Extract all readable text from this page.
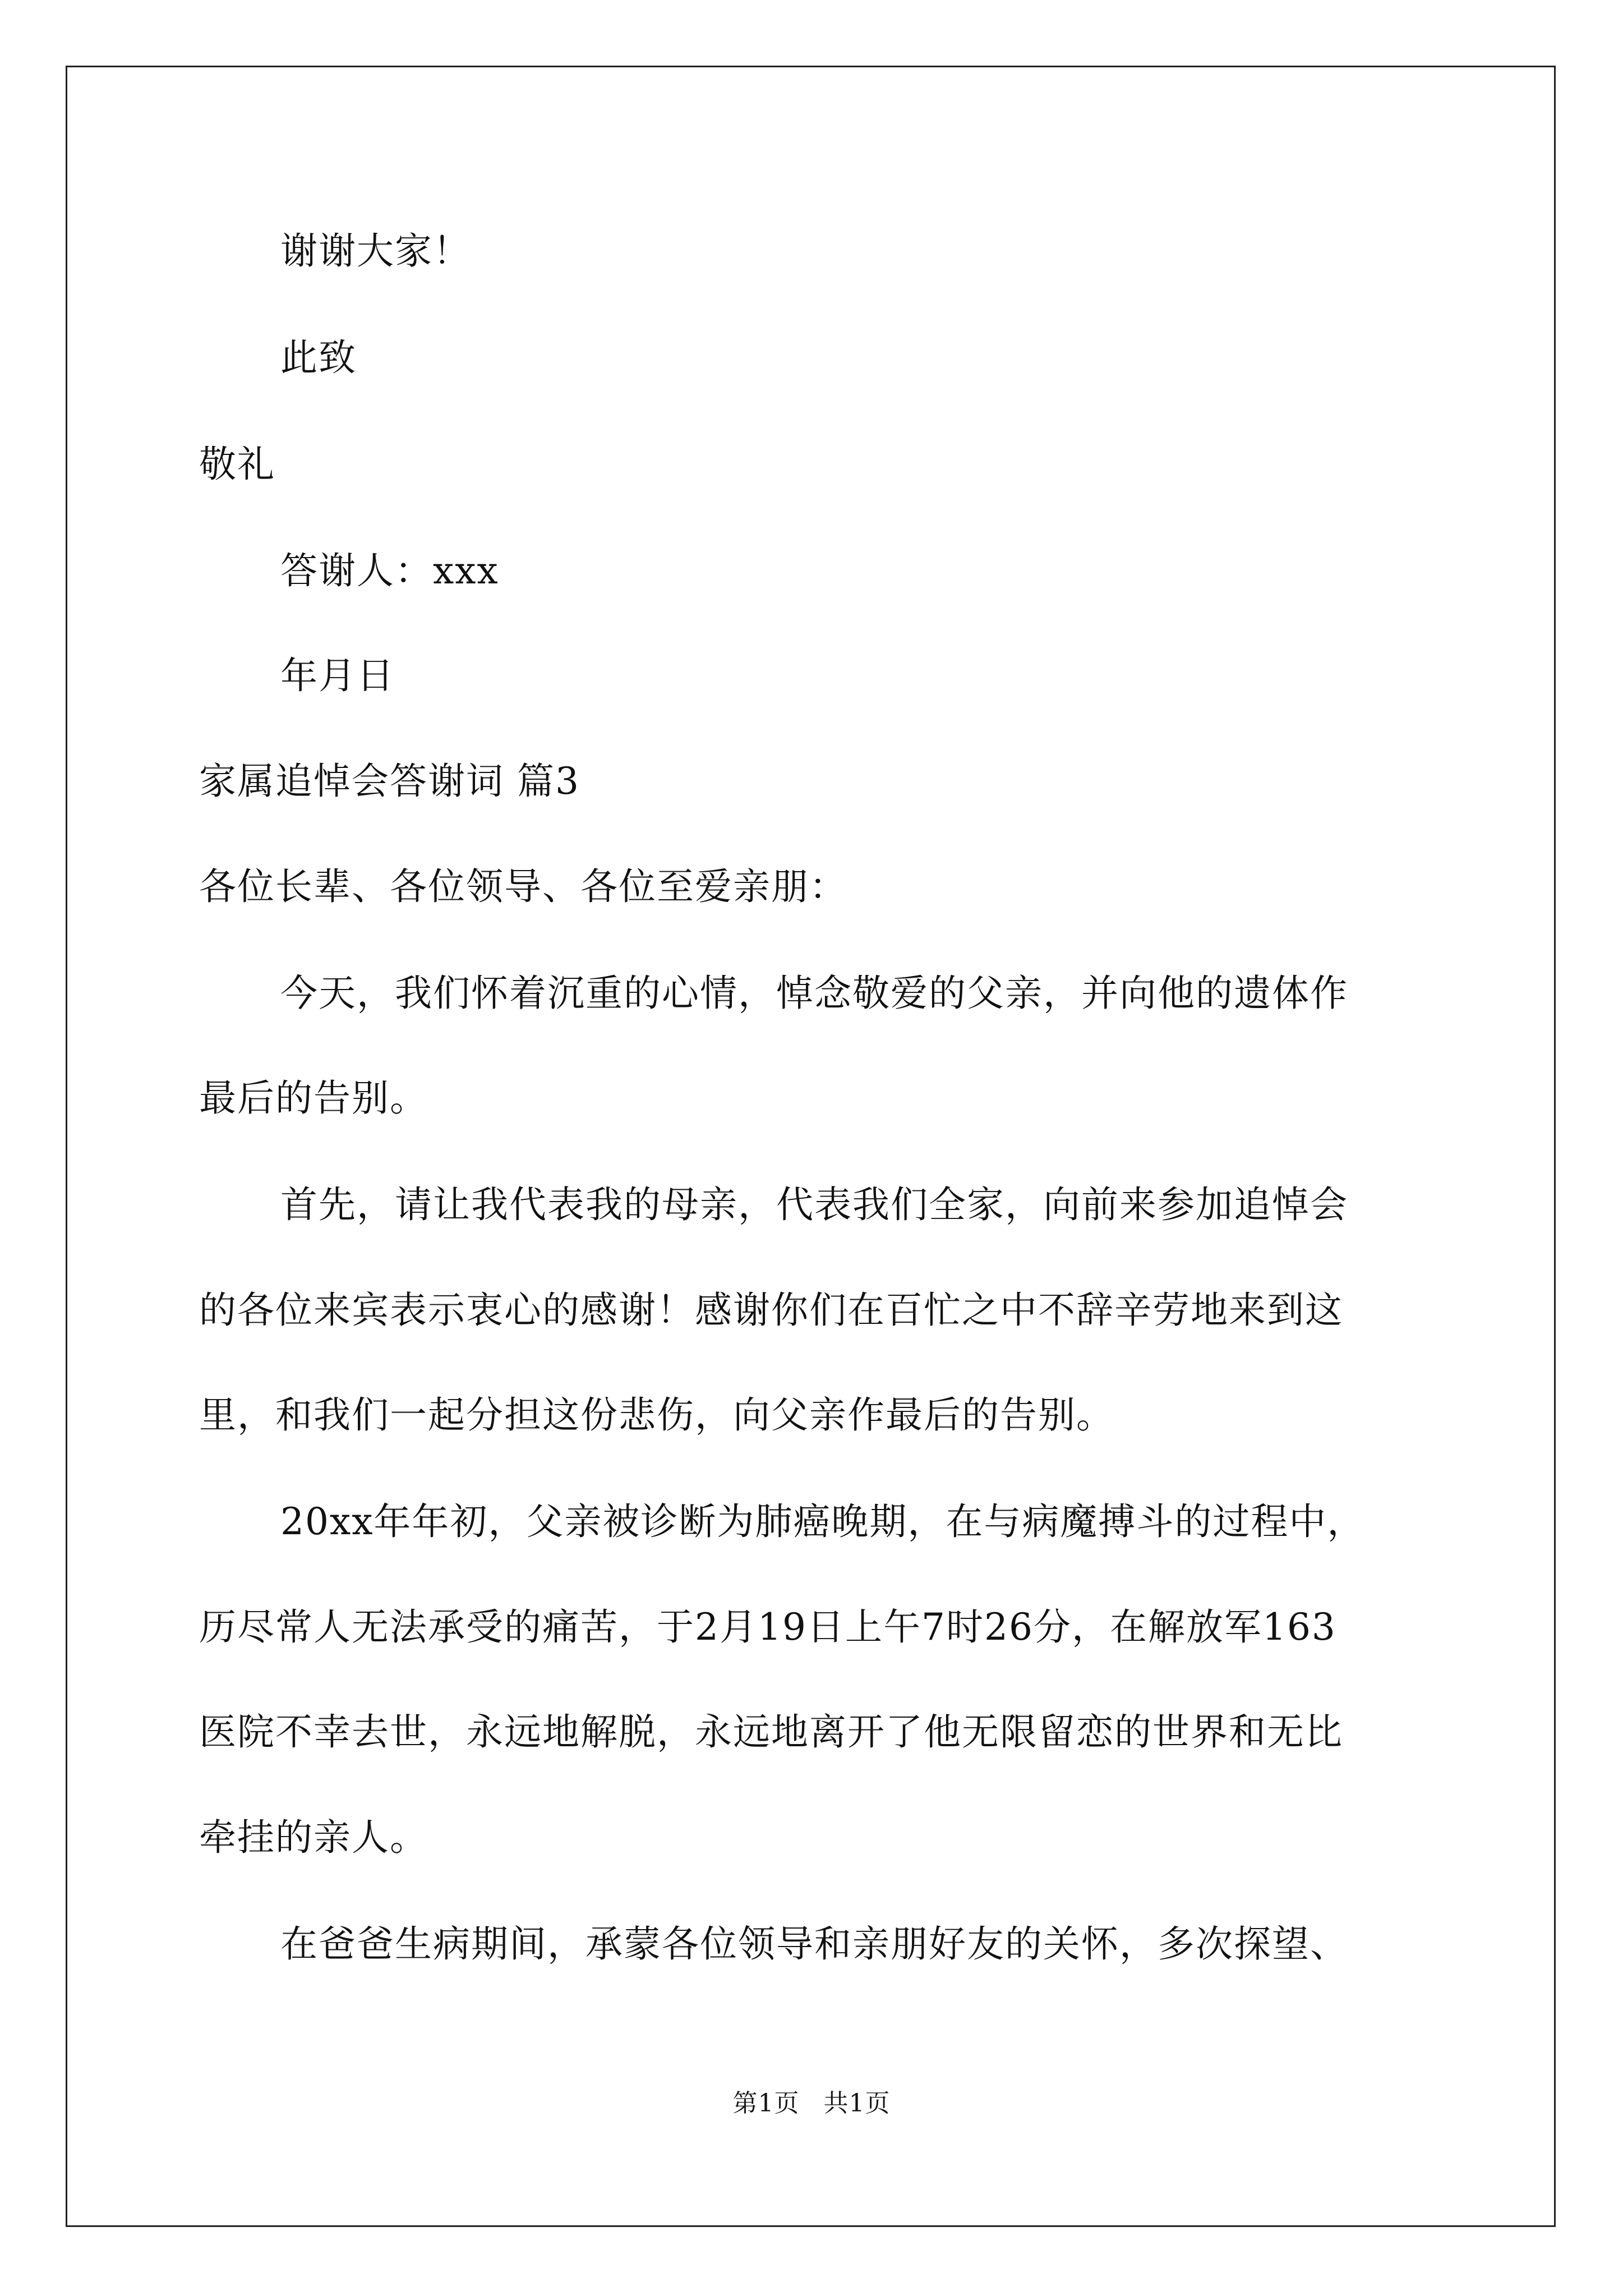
谢谢大家！
此致
敬礼
答谢人：xxx
年月日
家属追悼会答谢词 篇3
各位长辈、各位领导、各位至爱亲朋：
今天，我们怀着沉重的心情，悼念敬爱的父亲，并向他的遗体作
最后的告别。
首先，请让我代表我的母亲，代表我们全家，向前来参加追悼会
的各位来宾表示衷心的感谢！感谢你们在百忙之中不辞辛劳地来到这
里，和我们一起分担这份悲伤，向父亲作最后的告别。
20xx年年初，父亲被诊断为肺癌晚期，在与病魔搏斗的过程中，
历尽常人无法承受的痛苦，于2月19日上午7时26分，在解放军163
医院不幸去世，永远地解脱，永远地离开了他无限留恋的世界和无比
牵挂的亲人。
在爸爸生病期间，承蒙各位领导和亲朋好友的关怀，多次探望、
第1页 共1页
